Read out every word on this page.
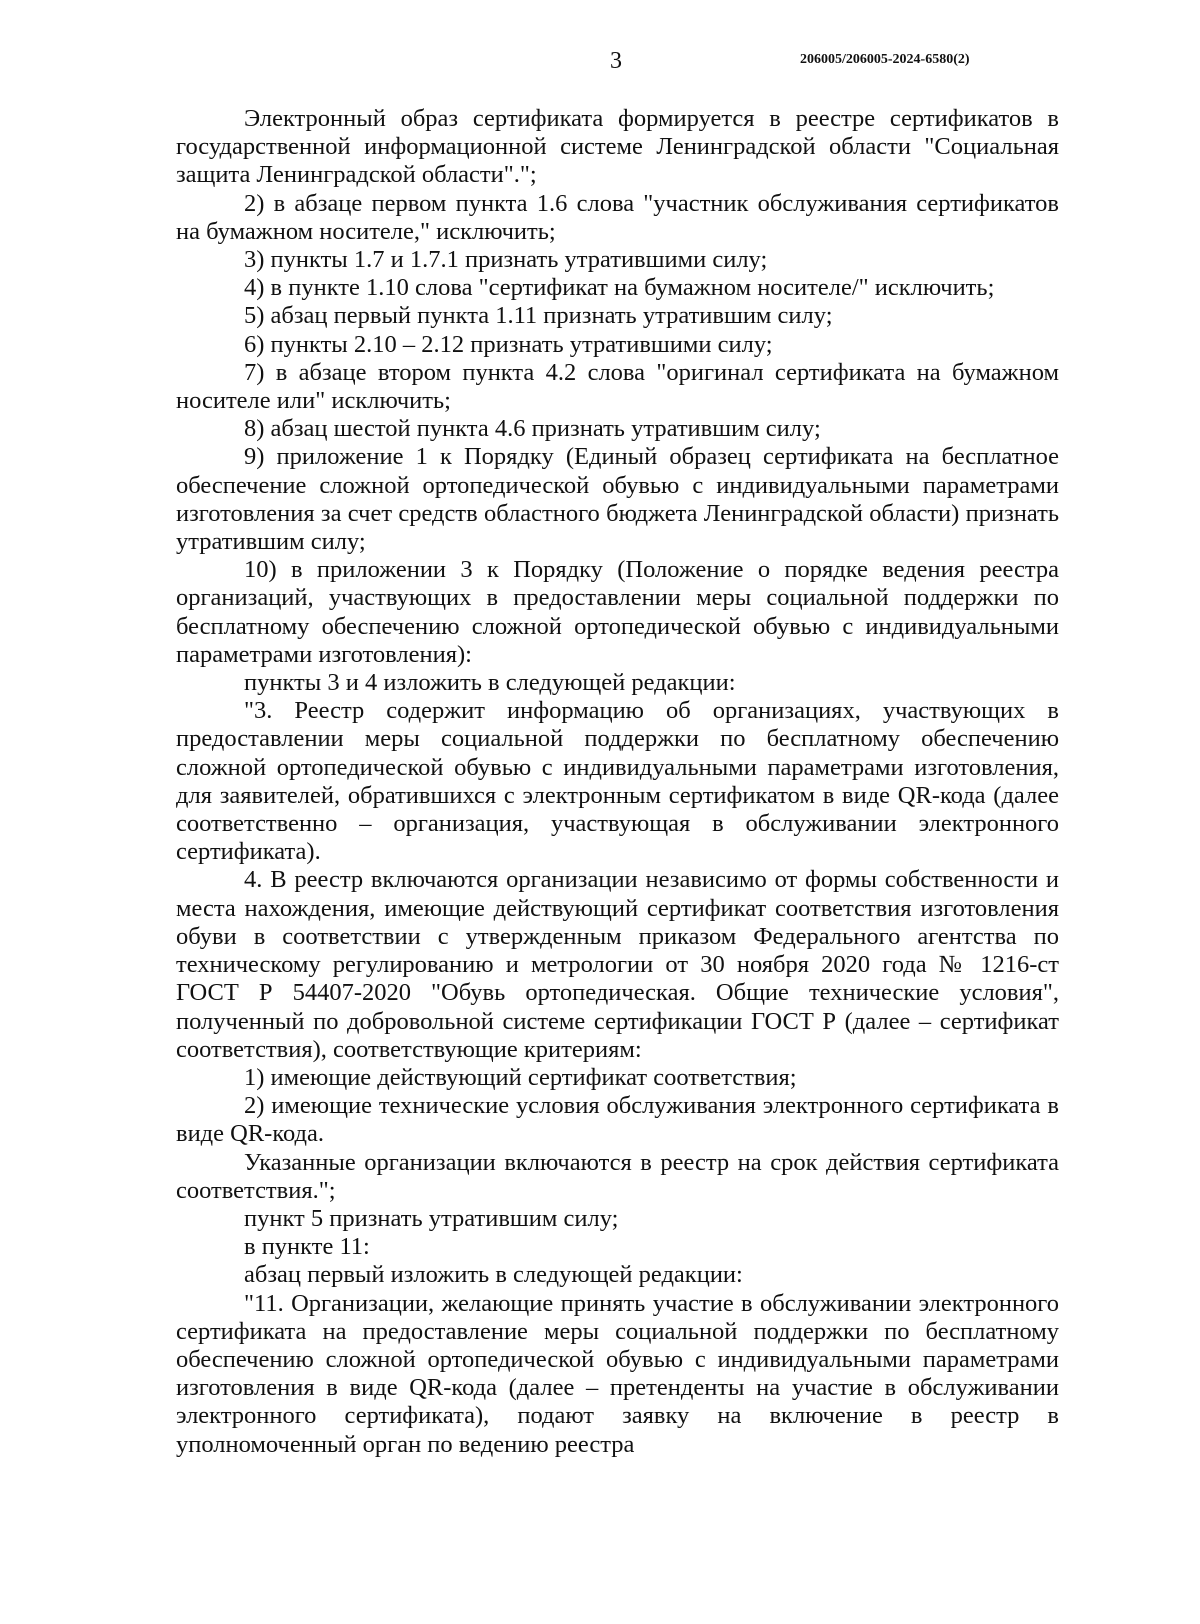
3	206005/206005-2024-6580(2)

Электронный образ сертификата формируется в реестре сертификатов в государственной информационной системе Ленинградской области "Социальная защита Ленинградской области".";

2) в абзаце первом пункта 1.6 слова "участник обслуживания сертификатов на бумажном носителе," исключить;

3) пункты 1.7 и 1.7.1 признать утратившими силу;

4) в пункте 1.10 слова "сертификат на бумажном носителе/" исключить;

5) абзац первый пункта 1.11 признать утратившим силу;

6) пункты 2.10 – 2.12 признать утратившими силу;

7) в абзаце втором пункта 4.2 слова "оригинал сертификата на бумажном носителе или" исключить;

8) абзац шестой пункта 4.6 признать утратившим силу;

9) приложение 1 к Порядку (Единый образец сертификата на бесплатное обеспечение сложной ортопедической обувью с индивидуальными параметрами изготовления за счет средств областного бюджета Ленинградской области) признать утратившим силу;

10) в приложении 3 к Порядку (Положение о порядке ведения реестра организаций, участвующих в предоставлении меры социальной поддержки по бесплатному обеспечению сложной ортопедической обувью с индивидуальными параметрами изготовления):

пункты 3 и 4 изложить в следующей редакции:

"3. Реестр содержит информацию об организациях, участвующих в предоставлении меры социальной поддержки по бесплатному обеспечению сложной ортопедической обувью с индивидуальными параметрами изготовления, для заявителей, обратившихся с электронным сертификатом в виде QR-кода (далее соответственно – организация, участвующая в обслуживании электронного сертификата).

4. В реестр включаются организации независимо от формы собственности и места нахождения, имеющие действующий сертификат соответствия изготовления обуви в соответствии с утвержденным приказом Федерального агентства по техническому регулированию и метрологии от 30 ноября 2020 года № 1216-ст ГОСТ Р 54407-2020 "Обувь ортопедическая. Общие технические условия", полученный по добровольной системе сертификации ГОСТ Р (далее – сертификат соответствия), соответствующие критериям:

1) имеющие действующий сертификат соответствия;

2) имеющие технические условия обслуживания электронного сертификата в виде QR-кода.

Указанные организации включаются в реестр на срок действия сертификата соответствия.";

пункт 5 признать утратившим силу;

в пункте 11:

абзац первый изложить в следующей редакции:

"11. Организации, желающие принять участие в обслуживании электронного сертификата на предоставление меры социальной поддержки по бесплатному обеспечению сложной ортопедической обувью с индивидуальными параметрами изготовления в виде QR-кода (далее – претенденты на участие в обслуживании электронного сертификата), подают заявку на включение в реестр в уполномоченный орган по ведению реестра
